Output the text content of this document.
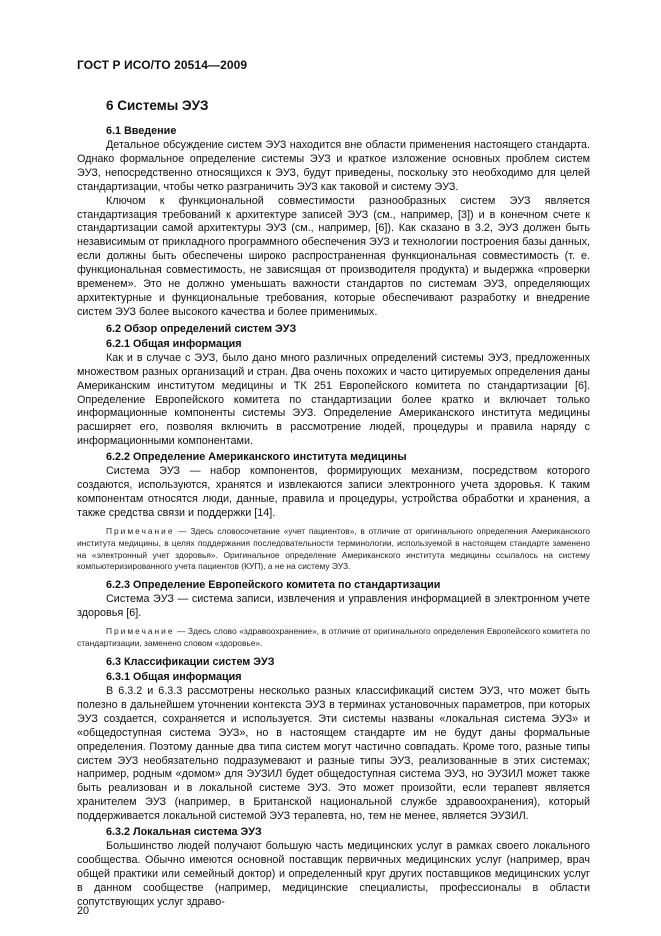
ГОСТ Р ИСО/ТО 20514—2009
6 Системы ЭУЗ
6.1 Введение

Детальное обсуждение систем ЭУЗ находится вне области применения настоящего стандарта. Однако формальное определение системы ЭУЗ и краткое изложение основных проблем систем ЭУЗ, непосредственно относящихся к ЭУЗ, будут приведены, поскольку это необходимо для целей стандартизации, чтобы четко разграничить ЭУЗ как таковой и систему ЭУЗ.

Ключом к функциональной совместимости разнообразных систем ЭУЗ является стандартизация требований к архитектуре записей ЭУЗ (см., например, [3]) и в конечном счете к стандартизации самой архитектуры ЭУЗ (см., например, [6]). Как сказано в 3.2, ЭУЗ должен быть независимым от прикладного программного обеспечения ЭУЗ и технологии построения базы данных, если должны быть обеспечены широко распространенная функциональная совместимость (т. е. функциональная совместимость, не зависящая от производителя продукта) и выдержка «проверки временем». Это не должно уменьшать важности стандартов по системам ЭУЗ, определяющих архитектурные и функциональные требования, которые обеспечивают разработку и внедрение систем ЭУЗ более высокого качества и более применимых.

6.2 Обзор определений систем ЭУЗ
6.2.1 Общая информация

Как и в случае с ЭУЗ, было дано много различных определений системы ЭУЗ, предложенных множеством разных организаций и стран. Два очень похожих и часто цитируемых определения даны Американским институтом медицины и ТК 251 Европейского комитета по стандартизации [6]. Определение Европейского комитета по стандартизации более кратко и включает только информационные компоненты системы ЭУЗ. Определение Американского института медицины расширяет его, позволяя включить в рассмотрение людей, процедуры и правила наряду с информационными компонентами.

6.2.2 Определение Американского института медицины

Система ЭУЗ — набор компонентов, формирующих механизм, посредством которого создаются, используются, хранятся и извлекаются записи электронного учета здоровья. К таким компонентам относятся люди, данные, правила и процедуры, устройства обработки и хранения, а также средства связи и поддержки [14].

Примечание — Здесь словосочетание «учет пациентов», в отличие от оригинального определения Американского института медицины, в целях поддержания последовательности терминологии, используемой в настоящем стандарте заменено на «электронный учет здоровья». Оригинальное определение Американского института медицины ссылалось на систему компьютеризированного учета пациентов (КУП), а не на систему ЭУЗ.

6.2.3 Определение Европейского комитета по стандартизации

Система ЭУЗ — система записи, извлечения и управления информацией в электронном учете здоровья [6].

Примечание — Здесь слово «здравоохранение», в отличие от оригинального определения Европейского комитета по стандартизации, заменено словом «здоровье».

6.3 Классификации систем ЭУЗ
6.3.1 Общая информация

В 6.3.2 и 6.3.3 рассмотрены несколько разных классификаций систем ЭУЗ, что может быть полезно в дальнейшем уточнении контекста ЭУЗ в терминах установочных параметров, при которых ЭУЗ создается, сохраняется и используется. Эти системы названы «локальная система ЭУЗ» и «общедоступная система ЭУЗ», но в настоящем стандарте им не будут даны формальные определения. Поэтому данные два типа систем могут частично совпадать. Кроме того, разные типы систем ЭУЗ необязательно подразумевают и разные типы ЭУЗ, реализованные в этих системах; например, родным «домом» для ЭУЗИЛ будет общедоступная система ЭУЗ, но ЭУЗИЛ может также быть реализован и в локальной системе ЭУЗ. Это может произойти, если терапевт является хранителем ЭУЗ (например, в Британской национальной службе здравоохранения), который поддерживается локальной системой ЭУЗ терапевта, но, тем не менее, является ЭУЗИЛ.

6.3.2 Локальная система ЭУЗ

Большинство людей получают большую часть медицинских услуг в рамках своего локального сообщества. Обычно имеются основной поставщик первичных медицинских услуг (например, врач общей практики или семейный доктор) и определенный круг других поставщиков медицинских услуг в данном сообществе (например, медицинские специалисты, профессионалы в области сопутствующих услуг здраво-

20
